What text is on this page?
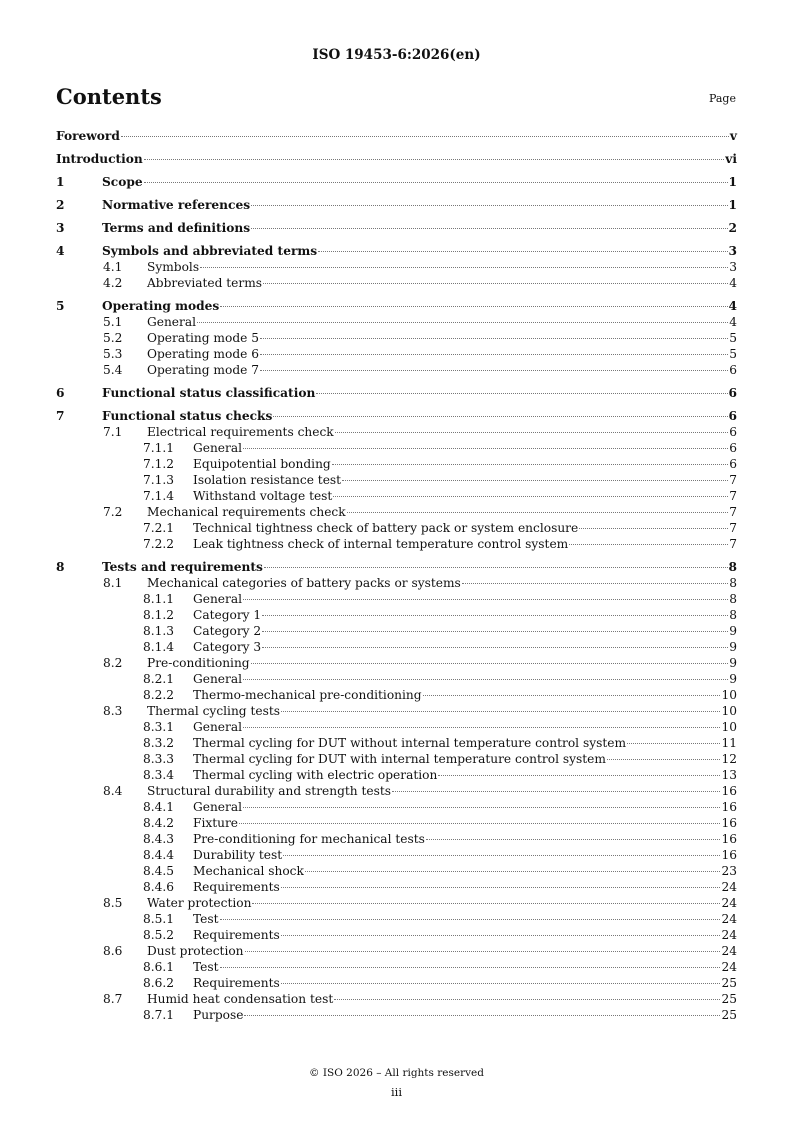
ISO 19453-6:2026(en)
Contents	Page
Foreword	v
Introduction	vi
1	Scope	1
2	Normative references	1
3	Terms and definitions	2
4	Symbols and abbreviated terms	3
4.1	Symbols	3
4.2	Abbreviated terms	4
5	Operating modes	4
5.1	General	4
5.2	Operating mode 5	5
5.3	Operating mode 6	5
5.4	Operating mode 7	6
6	Functional status classification	6
7	Functional status checks	6
7.1	Electrical requirements check	6
7.1.1	General	6
7.1.2	Equipotential bonding	6
7.1.3	Isolation resistance test	7
7.1.4	Withstand voltage test	7
7.2	Mechanical requirements check	7
7.2.1	Technical tightness check of battery pack or system enclosure	7
7.2.2	Leak tightness check of internal temperature control system	7
8	Tests and requirements	8
8.1	Mechanical categories of battery packs or systems	8
8.1.1	General	8
8.1.2	Category 1	8
8.1.3	Category 2	9
8.1.4	Category 3	9
8.2	Pre-conditioning	9
8.2.1	General	9
8.2.2	Thermo-mechanical pre-conditioning	10
8.3	Thermal cycling tests	10
8.3.1	General	10
8.3.2	Thermal cycling for DUT without internal temperature control system	11
8.3.3	Thermal cycling for DUT with internal temperature control system	12
8.3.4	Thermal cycling with electric operation	13
8.4	Structural durability and strength tests	16
8.4.1	General	16
8.4.2	Fixture	16
8.4.3	Pre-conditioning for mechanical tests	16
8.4.4	Durability test	16
8.4.5	Mechanical shock	23
8.4.6	Requirements	24
8.5	Water protection	24
8.5.1	Test	24
8.5.2	Requirements	24
8.6	Dust protection	24
8.6.1	Test	24
8.6.2	Requirements	25
8.7	Humid heat condensation test	25
8.7.1	Purpose	25
© ISO 2026 – All rights reserved
iii
